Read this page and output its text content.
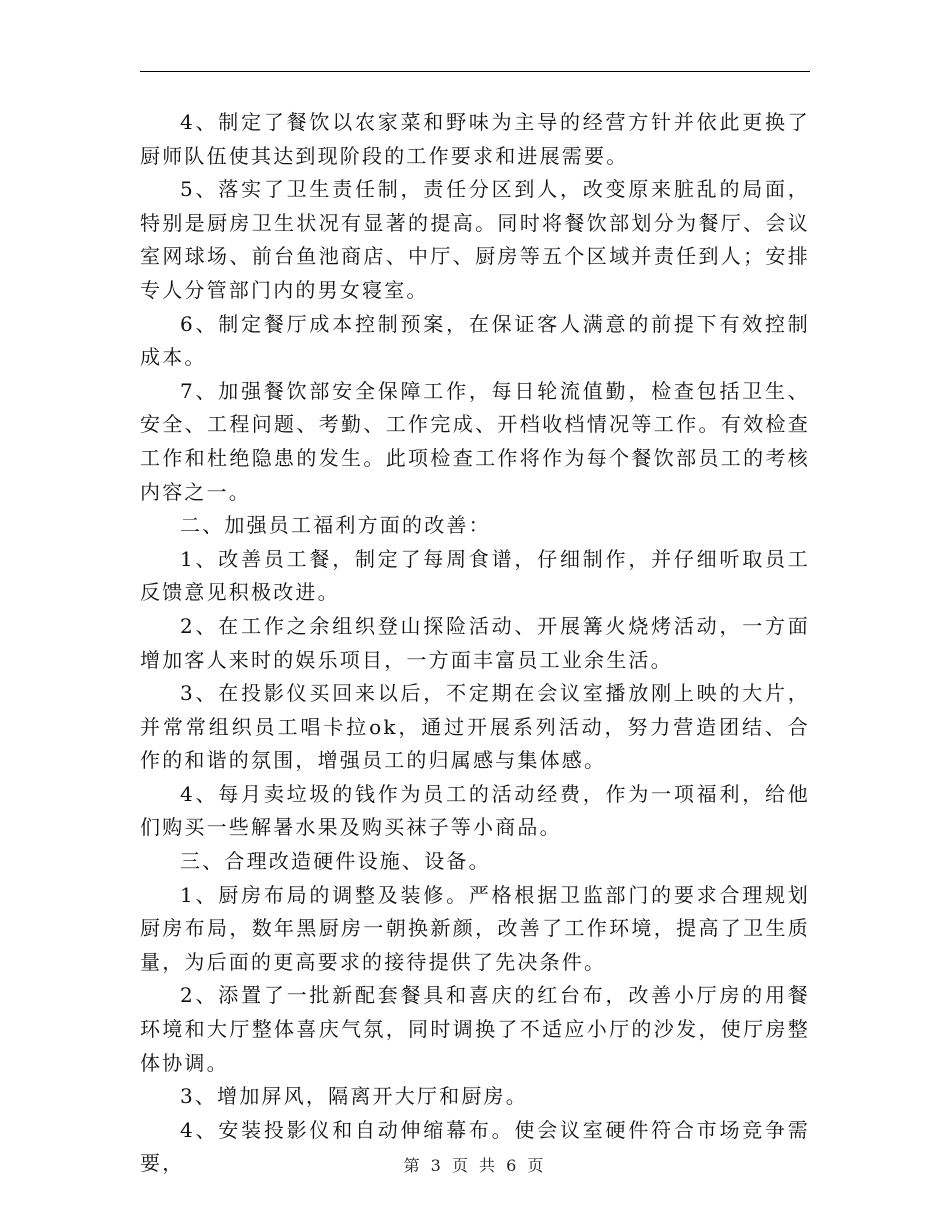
4、制定了餐饮以农家菜和野味为主导的经营方针并依此更换了厨师队伍使其达到现阶段的工作要求和进展需要。

5、落实了卫生责任制，责任分区到人，改变原来脏乱的局面，特别是厨房卫生状况有显著的提高。同时将餐饮部划分为餐厅、会议室网球场、前台鱼池商店、中厅、厨房等五个区域并责任到人；安排专人分管部门内的男女寝室。

6、制定餐厅成本控制预案，在保证客人满意的前提下有效控制成本。

7、加强餐饮部安全保障工作，每日轮流值勤，检查包括卫生、安全、工程问题、考勤、工作完成、开档收档情况等工作。有效检查工作和杜绝隐患的发生。此项检查工作将作为每个餐饮部员工的考核内容之一。

二、加强员工福利方面的改善：

1、改善员工餐，制定了每周食谱，仔细制作，并仔细听取员工反馈意见积极改进。

2、在工作之余组织登山探险活动、开展篝火烧烤活动，一方面增加客人来时的娱乐项目，一方面丰富员工业余生活。

3、在投影仪买回来以后，不定期在会议室播放刚上映的大片，并常常组织员工唱卡拉ok，通过开展系列活动，努力营造团结、合作的和谐的氛围，增强员工的归属感与集体感。

4、每月卖垃圾的钱作为员工的活动经费，作为一项福利，给他们购买一些解暑水果及购买袜子等小商品。

三、合理改造硬件设施、设备。

1、厨房布局的调整及装修。严格根据卫监部门的要求合理规划厨房布局，数年黑厨房一朝换新颜，改善了工作环境，提高了卫生质量，为后面的更高要求的接待提供了先决条件。

2、添置了一批新配套餐具和喜庆的红台布，改善小厅房的用餐环境和大厅整体喜庆气氛，同时调换了不适应小厅的沙发，使厅房整体协调。

3、增加屏风，隔离开大厅和厨房。

4、安装投影仪和自动伸缩幕布。使会议室硬件符合市场竞争需要，	第 3 页 共 6 页
